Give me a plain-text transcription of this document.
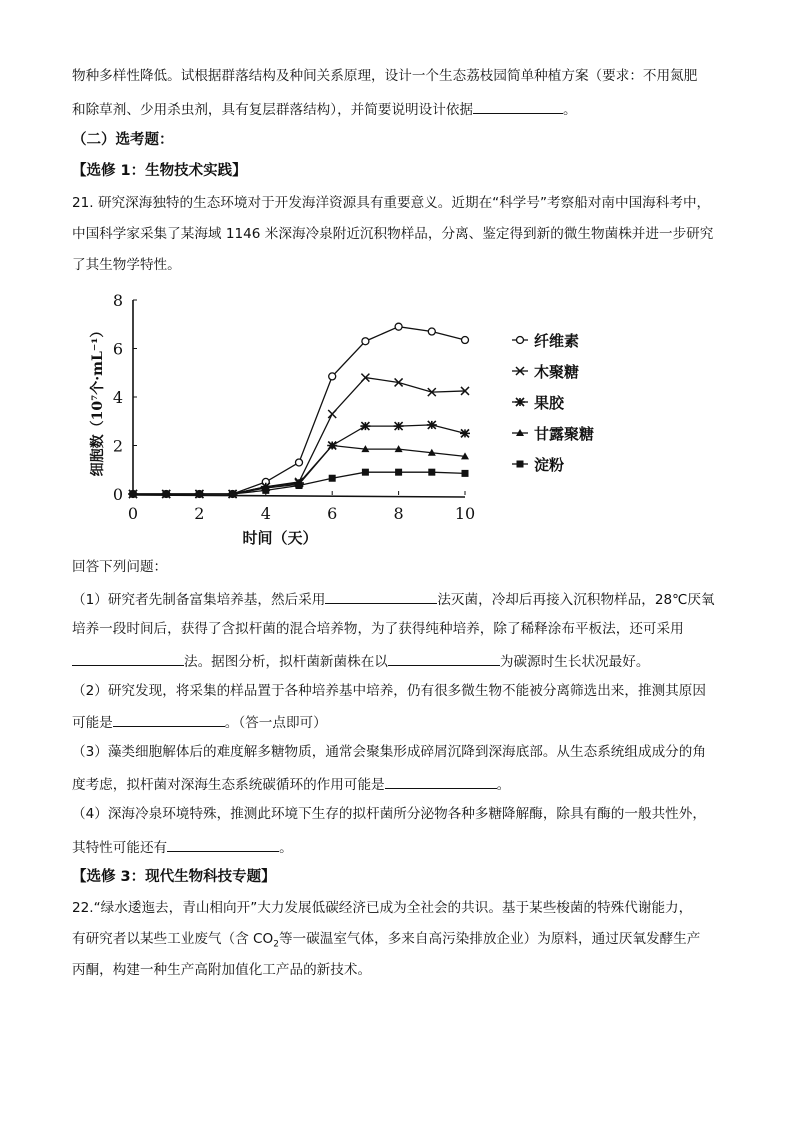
物种多样性降低。试根据群落结构及种间关系原理，设计一个生态荔枝园简单种植方案（要求：不用氮肥
和除草剂、少用杀虫剂，具有复层群落结构），并简要说明设计依据	。
（二）选考题：
【选修 1：生物技术实践】
21. 研究深海独特的生态环境对于开发海洋资源具有重要意义。近期在“科学号”考察船对南中国海科考中，
中国科学家采集了某海域 1146 米深海冷泉附近沉积物样品，分离、鉴定得到新的微生物菌株并进一步研究
了其生物学特性。
回答下列问题：
（1）研究者先制备富集培养基，然后采用	法灭菌，冷却后再接入沉积物样品，28℃厌氧
培养一段时间后，获得了含拟杆菌的混合培养物，为了获得纯种培养，除了稀释涂布平板法，还可采用
法。据图分析，拟杆菌新菌株在以	为碳源时生长状况最好。
（2）研究发现，将采集的样品置于各种培养基中培养，仍有很多微生物不能被分离筛选出来，推测其原因
可能是	。（答一点即可）
（3）藻类细胞解体后的难度解多糖物质，通常会聚集形成碎屑沉降到深海底部。从生态系统组成成分的角
度考虑，拟杆菌对深海生态系统碳循环的作用可能是	。
（4）深海冷泉环境特殊，推测此环境下生存的拟杆菌所分泌物各种多糖降解酶，除具有酶的一般共性外，
其特性可能还有	。
【选修 3：现代生物科技专题】
22.“绿水逶迤去，青山相向开”大力发展低碳经济已成为全社会的共识。基于某些梭菌的特殊代谢能力，
有研究者以某些工业废气（含 $CO_2$等一碳温室气体，多来自高污染排放企业）为原料，通过厌氧发酵生产
丙酮，构建一种生产高附加值化工产品的新技术。
0	2	4	6	8	10
0
2
4
6
8
纤维素
木聚糖
果胶
甘露聚糖
淀粉
时间（天）
细胞数（10⁷个·mL⁻¹）
